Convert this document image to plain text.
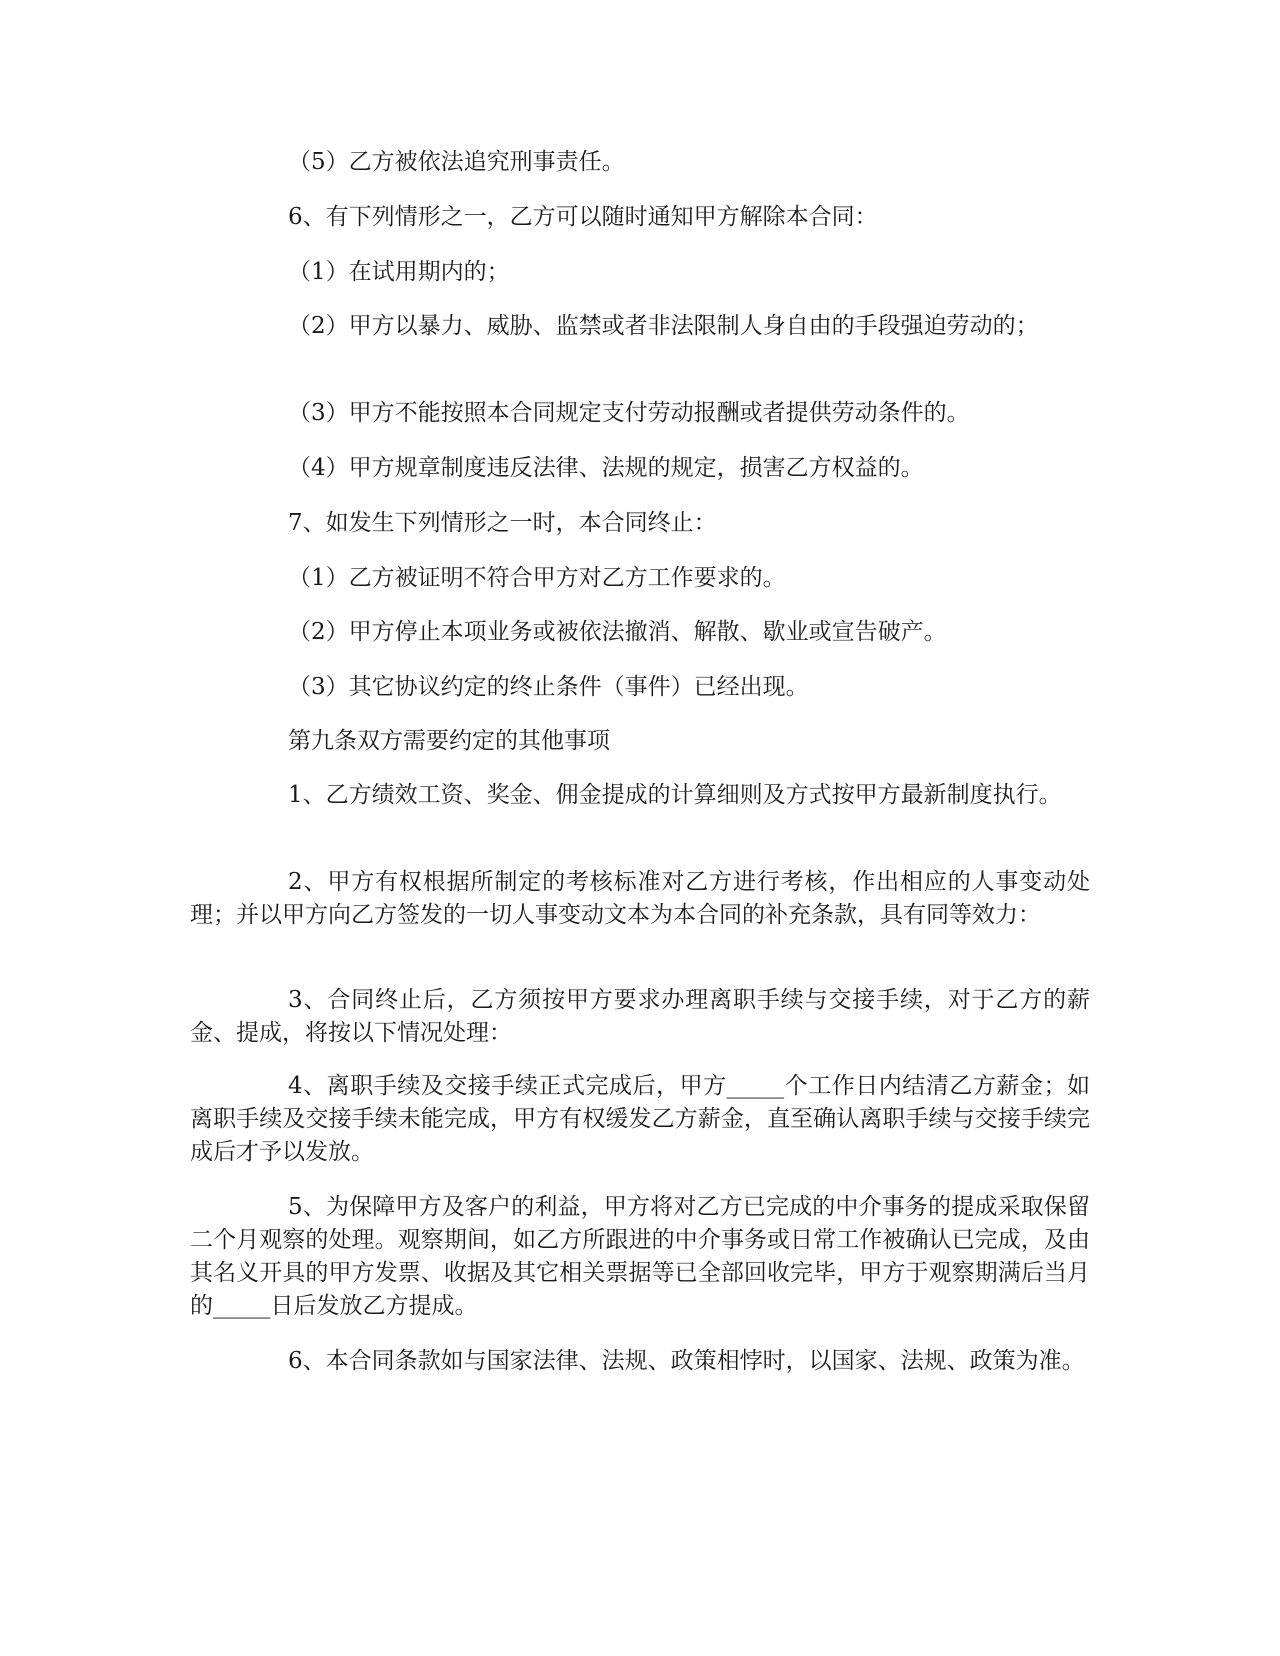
（5）乙方被依法追究刑事责任。

6、有下列情形之一，乙方可以随时通知甲方解除本合同：

（1）在试用期内的；

（2）甲方以暴力、威胁、监禁或者非法限制人身自由的手段强迫劳动的；

（3）甲方不能按照本合同规定支付劳动报酬或者提供劳动条件的。

（4）甲方规章制度违反法律、法规的规定，损害乙方权益的。

7、如发生下列情形之一时，本合同终止：

（1）乙方被证明不符合甲方对乙方工作要求的。

（2）甲方停止本项业务或被依法撤消、解散、歇业或宣告破产。

（3）其它协议约定的终止条件（事件）已经出现。

第九条双方需要约定的其他事项

1、乙方绩效工资、奖金、佣金提成的计算细则及方式按甲方最新制度执行。

2、甲方有权根据所制定的考核标准对乙方进行考核，作出相应的人事变动处理；并以甲方向乙方签发的一切人事变动文本为本合同的补充条款，具有同等效力：

3、合同终止后，乙方须按甲方要求办理离职手续与交接手续，对于乙方的薪金、提成，将按以下情况处理：

4、离职手续及交接手续正式完成后，甲方_____个工作日内结清乙方薪金；如离职手续及交接手续未能完成，甲方有权缓发乙方薪金，直至确认离职手续与交接手续完成后才予以发放。

5、为保障甲方及客户的利益，甲方将对乙方已完成的中介事务的提成采取保留二个月观察的处理。观察期间，如乙方所跟进的中介事务或日常工作被确认已完成，及由其名义开具的甲方发票、收据及其它相关票据等已全部回收完毕，甲方于观察期满后当月的_____日后发放乙方提成。

6、本合同条款如与国家法律、法规、政策相悖时，以国家、法规、政策为准。
